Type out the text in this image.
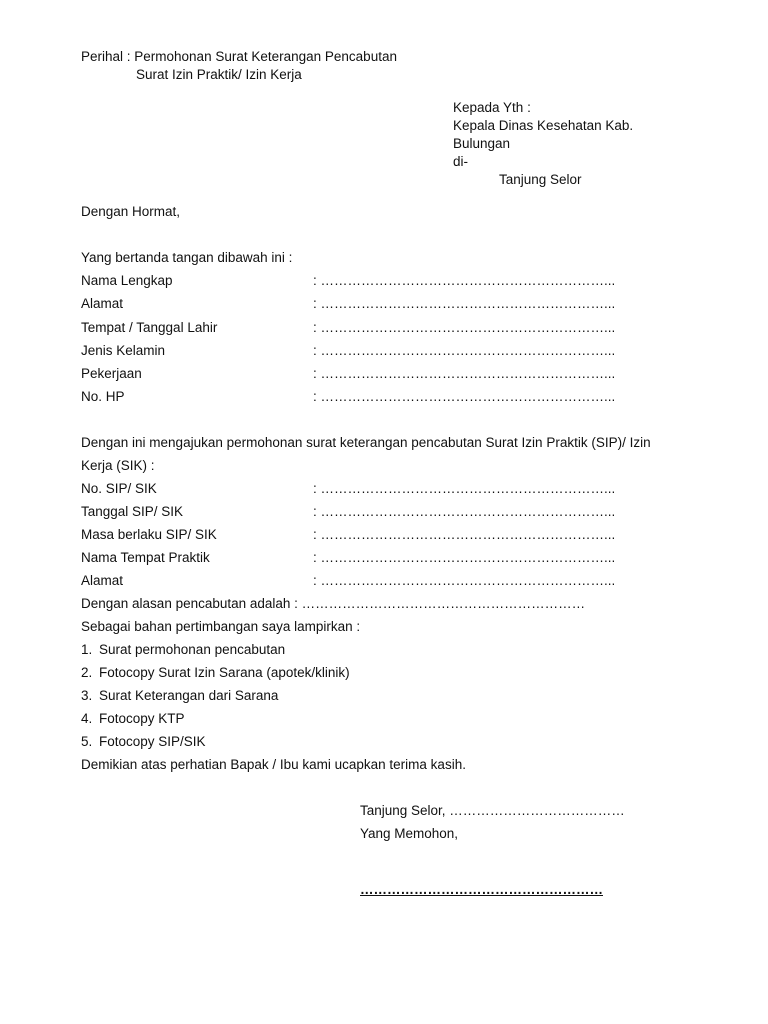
Perihal : Permohonan Surat Keterangan Pencabutan
Surat Izin Praktik/ Izin Kerja
Kepada Yth :
Kepala Dinas Kesehatan Kab.
Bulungan
di-
Tanjung Selor
Dengan Hormat,
Yang bertanda tangan dibawah ini :
Nama Lengkap	: ………………………………………………………...
Alamat	: ………………………………………………………...
Tempat / Tanggal Lahir	: ………………………………………………………...
Jenis Kelamin	: ………………………………………………………...
Pekerjaan	: ………………………………………………………...
No. HP	: ………………………………………………………...
Dengan ini mengajukan permohonan surat keterangan pencabutan Surat Izin Praktik (SIP)/ Izin
Kerja (SIK) :
No. SIP/ SIK	: ………………………………………………………...
Tanggal SIP/ SIK	: ………………………………………………………...
Masa berlaku SIP/ SIK	: ………………………………………………………...
Nama Tempat Praktik	: ………………………………………………………...
Alamat	: ………………………………………………………...
Dengan alasan pencabutan adalah : ………………………………………………………
Sebagai bahan pertimbangan saya lampirkan :
1. Surat permohonan pencabutan
2. Fotocopy Surat Izin Sarana (apotek/klinik)
3. Surat Keterangan dari Sarana
4. Fotocopy KTP
5. Fotocopy SIP/SIK
Demikian atas perhatian Bapak / Ibu kami ucapkan terima kasih.
Tanjung Selor, …………………………………
Yang Memohon,
………………………………………………
